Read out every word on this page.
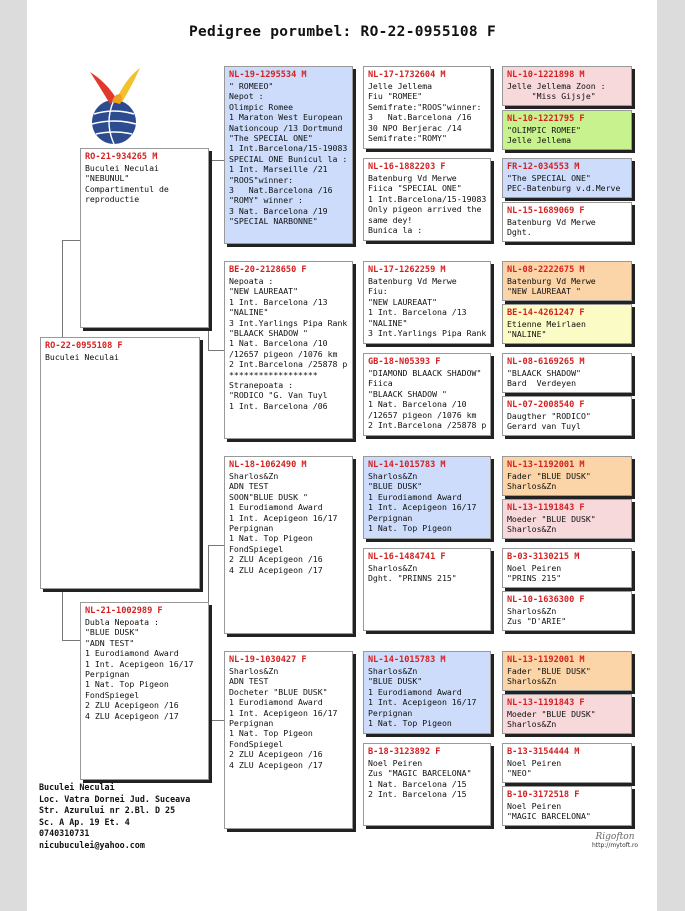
Pedigree porumbel: RO-22-0955108 F
RO-22-0955108 F
Buculei Neculai
RO-21-934265 M
Buculei Neculai
"NEBUNUL"
Compartimentul de
reproductie
NL-21-1002989 F
Dubla Nepoata :
"BLUE DUSK"
"ADN TEST"
1 Eurodiamond Award
1 Int. Acepigeon 16/17
Perpignan
1 Nat. Top Pigeon
FondSpiegel
2 ZLU Acepigeon /16
4 ZLU Acepigeon /17
NL-19-1295534 M
" ROMEEO"
Nepot :
Olimpic Romee
1 Maraton West European
Nationcoup /13 Dortmund
"The SPECIAL ONE"
1 Int.Barcelona/15-19083
SPECIAL ONE Bunicul la :
1 Int. Marseille /21
"ROOS"winner:
3   Nat.Barcelona /16
"ROMY" winner :
3 Nat. Barcelona /19
"SPECIAL NARBONNE"
BE-20-2128650 F
Nepoata :
"NEW LAUREAAT"
1 Int. Barcelona /13
"NALINE"
3 Int.Yarlings Pipa Rank
"BLAACK SHADOW "
1 Nat. Barcelona /10
/12657 pigeon /1076 km
2 Int.Barcelona /25878 p
******************
Stranepoata :
"RODICO "G. Van Tuyl
1 Int. Barcelona /06
NL-18-1062490 M
Sharlos&Zn
ADN TEST
SOON"BLUE DUSK "
1 Eurodiamond Award
1 Int. Acepigeon 16/17
Perpignan
1 Nat. Top Pigeon
FondSpiegel
2 ZLU Acepigeon /16
4 ZLU Acepigeon /17
NL-19-1030427 F
Sharlos&Zn
ADN TEST
Docheter "BLUE DUSK"
1 Eurodiamond Award
1 Int. Acepigeon 16/17
Perpignan
1 Nat. Top Pigeon
FondSpiegel
2 ZLU Acepigeon /16
4 ZLU Acepigeon /17
NL-17-1732604 M
Jelle Jellema
Fiu "ROMEE"
Semifrate:"ROOS"winner:
3   Nat.Barcelona /16
30 NPO Berjerac /14
Semifrate:"ROMY"
NL-16-1882203 F
Batenburg Vd Merwe
Fiica "SPECIAL ONE"
1 Int.Barcelona/15-19083
Only pigeon arrived the
same dey!
Bunica la :
NL-17-1262259 M
Batenburg Vd Merwe
Fiu:
"NEW LAUREAAT"
1 Int. Barcelona /13
"NALINE"
3 Int.Yarlings Pipa Rank
GB-18-N05393 F
"DIAMOND BLAACK SHADOW"
Fiica
"BLAACK SHADOW "
1 Nat. Barcelona /10
/12657 pigeon /1076 km
2 Int.Barcelona /25878 p
NL-14-1015783 M
Sharlos&Zn
"BLUE DUSK"
1 Eurodiamond Award
1 Int. Acepigeon 16/17
Perpignan
1 Nat. Top Pigeon
NL-16-1484741 F
Sharlos&Zn
Dght. "PRINNS 215"
NL-14-1015783 M
Sharlos&Zn
"BLUE DUSK"
1 Eurodiamond Award
1 Int. Acepigeon 16/17
Perpignan
1 Nat. Top Pigeon
B-18-3123892 F
Noel Peiren
Zus "MAGIC BARCELONA"
1 Nat. Barcelona /15
2 Int. Barcelona /15
NL-10-1221898 M
Jelle Jellema Zoon :
"Miss Gijsje"
NL-10-1221795 F
"OLIMPIC ROMEE"
Jelle Jellema
FR-12-034553 M
"The SPECIAL ONE"
PEC-Batenburg v.d.Merve
NL-15-1689069 F
Batenburg Vd Merwe
Dght.
NL-08-2222675 M
Batenburg Vd Merwe
"NEW LAUREAAT "
BE-14-4261247 F
Etienne Meirlaen
"NALINE"
NL-08-6169265 M
"BLAACK SHADOW"
Bard  Verdeyen
NL-07-2008540 F
Daugther "RODICO"
Gerard van Tuyl
NL-13-1192001 M
Fader "BLUE DUSK"
Sharlos&Zn
NL-13-1191843 F
Moeder "BLUE DUSK"
Sharlos&Zn
B-03-3130215 M
Noel Peiren
"PRINS 215"
NL-10-1636300 F
Sharlos&Zn
Zus "D'ARIE"
NL-13-1192001 M
Fader "BLUE DUSK"
Sharlos&Zn
NL-13-1191843 F
Moeder "BLUE DUSK"
Sharlos&Zn
B-13-3154444 M
Noel Peiren
"NEO"
B-10-3172518 F
Noel Peiren
"MAGIC BARCELONA"
Buculei Neculai
Loc. Vatra Dornei Jud. Suceava
Str. Azurului nr 2.Bl. D 25
Sc. A Ap. 19 Et. 4
0740310731
nicubuculei@yahoo.com
Rigofton
http://mytoft.ro
